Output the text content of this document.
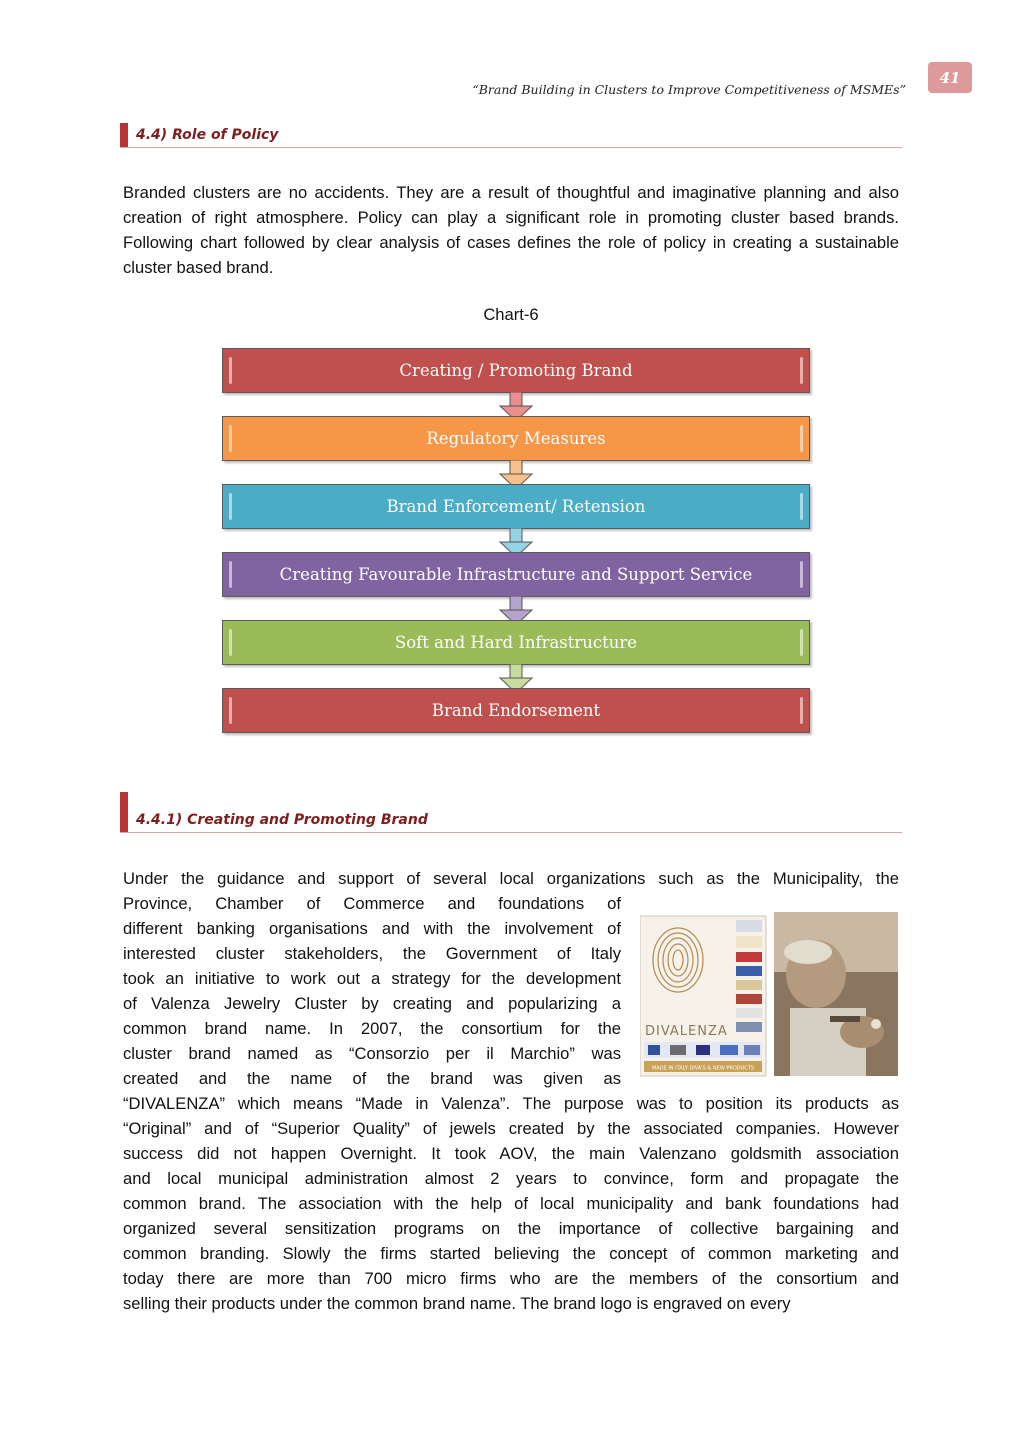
41
“Brand Building in Clusters to Improve Competitiveness of MSMEs”
4.4) Role of Policy

Branded clusters are no accidents. They are a result of thoughtful and imaginative planning and also creation of right atmosphere. Policy can play a significant role in promoting cluster based brands. Following chart followed by clear analysis of cases defines the role of policy in creating a sustainable cluster based brand.

Chart-6
Creating / Promoting Brand
Regulatory Measures
Brand Enforcement/ Retension
Creating Favourable Infrastructure and Support Service
Soft and Hard Infrastructure
Brand Endorsement
4.4.1) Creating and Promoting Brand

Under the guidance and support of several local organizations such as the Municipality, the

Province, Chamber of Commerce and foundations of

different banking organisations and with the involvement of

interested cluster stakeholders, the Government of Italy

took an initiative to work out a strategy for the development

of Valenza Jewelry Cluster by creating and popularizing a

common brand name. In 2007, the consortium for the

cluster brand named as “Consorzio per il Marchio” was

created and the name of the brand was given as

“DIVALENZA” which means “Made in Valenza”. The purpose was to position its products as

“Original” and of “Superior Quality” of jewels created by the associated companies. However

success did not happen Overnight. It took AOV, the main Valenzano goldsmith association

and local municipal administration almost 2 years to convince, form and propagate the

common brand. The association with the help of local municipality and bank foundations had

organized several sensitization programs on the importance of collective bargaining and

common branding. Slowly the firms started believing the concept of common marketing and

today there are more than 700 micro firms who are the members of the consortium and

selling their products under the common brand name. The brand logo is engraved on every

DIVALENZA
MADE IN ITALY DIVA'S & NEW PRODUCTS
